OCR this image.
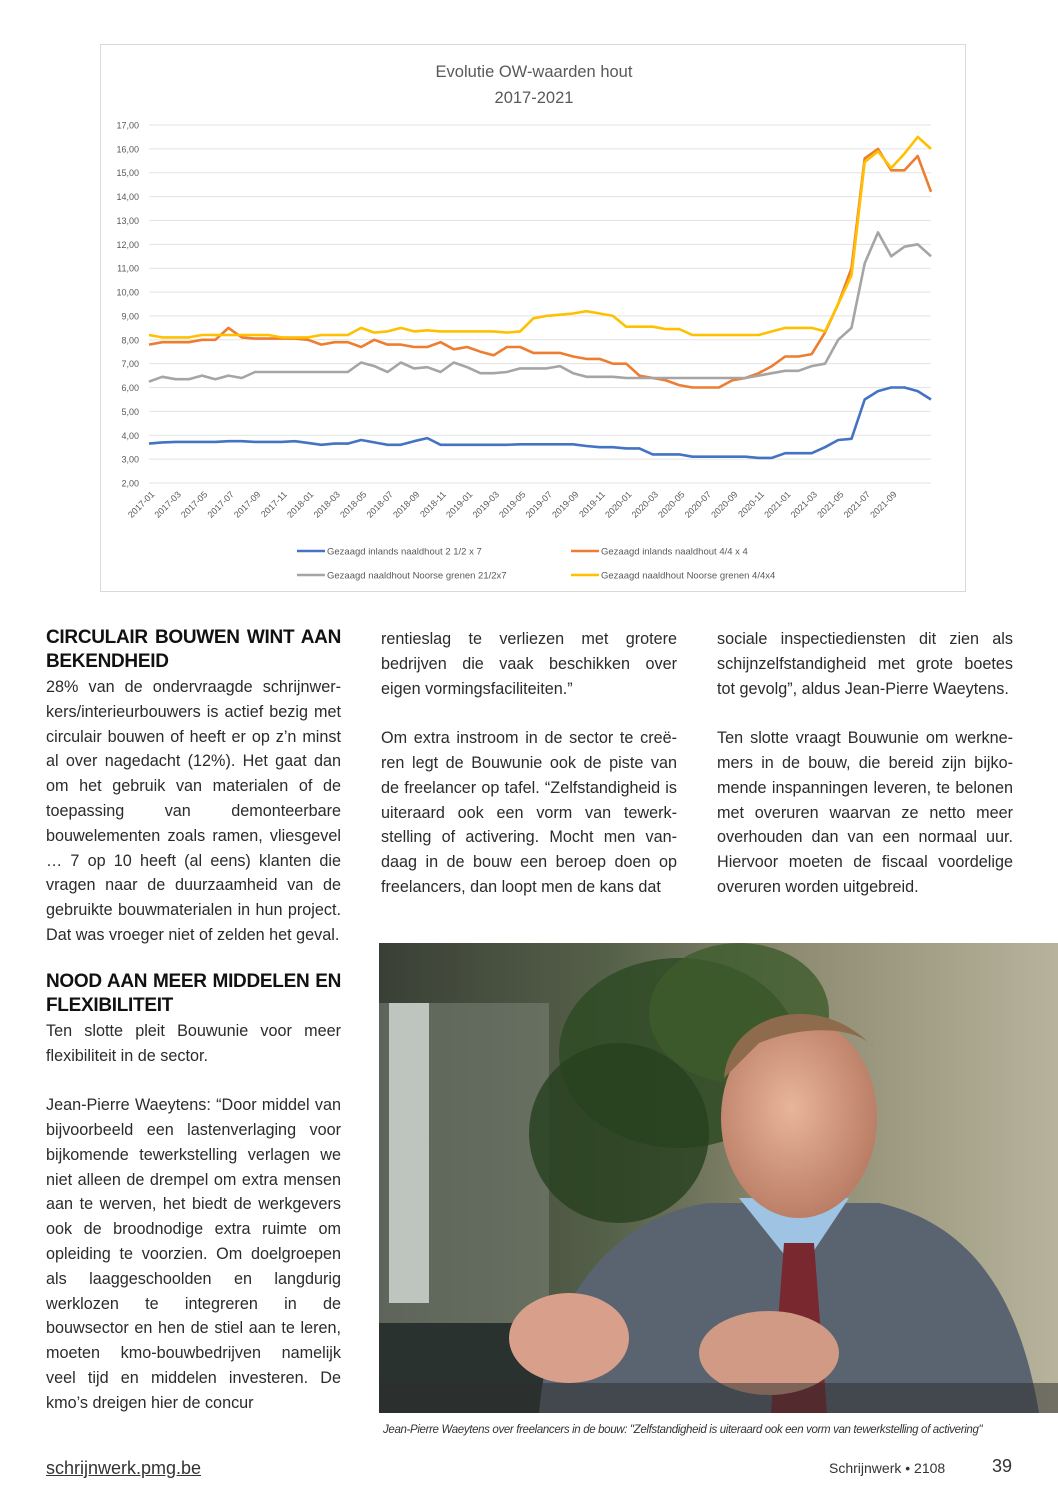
Evolutie OW-waarden hout
2017-2021
2,00
3,00
4,00
5,00
6,00
7,00
8,00
9,00
10,00
11,00
12,00
13,00
14,00
15,00
16,00
17,00
2017-01
2017-03
2017-05
2017-07
2017-09
2017-11
2018-01
2018-03
2018-05
2018-07
2018-09
2018-11
2019-01
2019-03
2019-05
2019-07
2019-09
2019-11
2020-01
2020-03
2020-05
2020-07
2020-09
2020-11
2021-01
2021-03
2021-05
2021-07
2021-09
Gezaagd inlands naaldhout 2 1/2 x 7	Gezaagd inlands naaldhout 4/4 x 4
Gezaagd naaldhout Noorse grenen 21/2x7	Gezaagd naaldhout Noorse grenen 4/4x4
CIRCULAIR BOUWEN WINT AAN BEKENDHEID

28% van de ondervraagde schrijnwerkers/interieurbouwers is actief bezig met circulair bouwen of heeft er op z’n minst al over nagedacht (12%). Het gaat dan om het gebruik van materialen of de toepassing van demonteerbare bouwelementen zoals ramen, vliesgevel … 7 op 10 heeft (al eens) klanten die vragen naar de duurzaamheid van de gebruikte bouwmaterialen in hun project. Dat was vroeger niet of zelden het geval.

NOOD AAN MEER MIDDELEN EN FLEXIBILITEIT

Ten slotte pleit Bouwunie voor meer flexibiliteit in de sector.

Jean-Pierre Waeytens: “Door middel van bijvoorbeeld een lastenverlaging voor bijkomende tewerkstelling verlagen we niet alleen de drempel om extra mensen aan te werven, het biedt de werkgevers ook de broodnodige extra ruimte om opleiding te voorzien. Om doelgroepen als laaggeschoolden en langdurig werklozen te integreren in de bouwsector en hen de stiel aan te leren, moeten kmo-bouwbedrijven namelijk veel tijd en middelen investeren. De kmo’s dreigen hier de concur

rentieslag te verliezen met grotere bedrijven die vaak beschikken over eigen vormingsfaciliteiten.”

Om extra instroom in de sector te creëren legt de Bouwunie ook de piste van de freelancer op tafel. “Zelfstandigheid is uiteraard ook een vorm van tewerkstelling of activering. Mocht men vandaag in de bouw een beroep doen op freelancers, dan loopt men de kans dat

sociale inspectiediensten dit zien als schijnzelfstandigheid met grote boetes tot gevolg”, aldus Jean-Pierre Waeytens.

Ten slotte vraagt Bouwunie om werknemers in de bouw, die bereid zijn bijkomende inspanningen leveren, te belonen met overuren waarvan ze netto meer overhouden dan van een normaal uur. Hiervoor moeten de fiscaal voordelige overuren worden uitgebreid.

Jean-Pierre Waeytens over freelancers in de bouw: "Zelfstandigheid is uiteraard ook een vorm van tewerkstelling of activering"
schrijnwerk.pmg.be	Schrijnwerk • 2108	39
